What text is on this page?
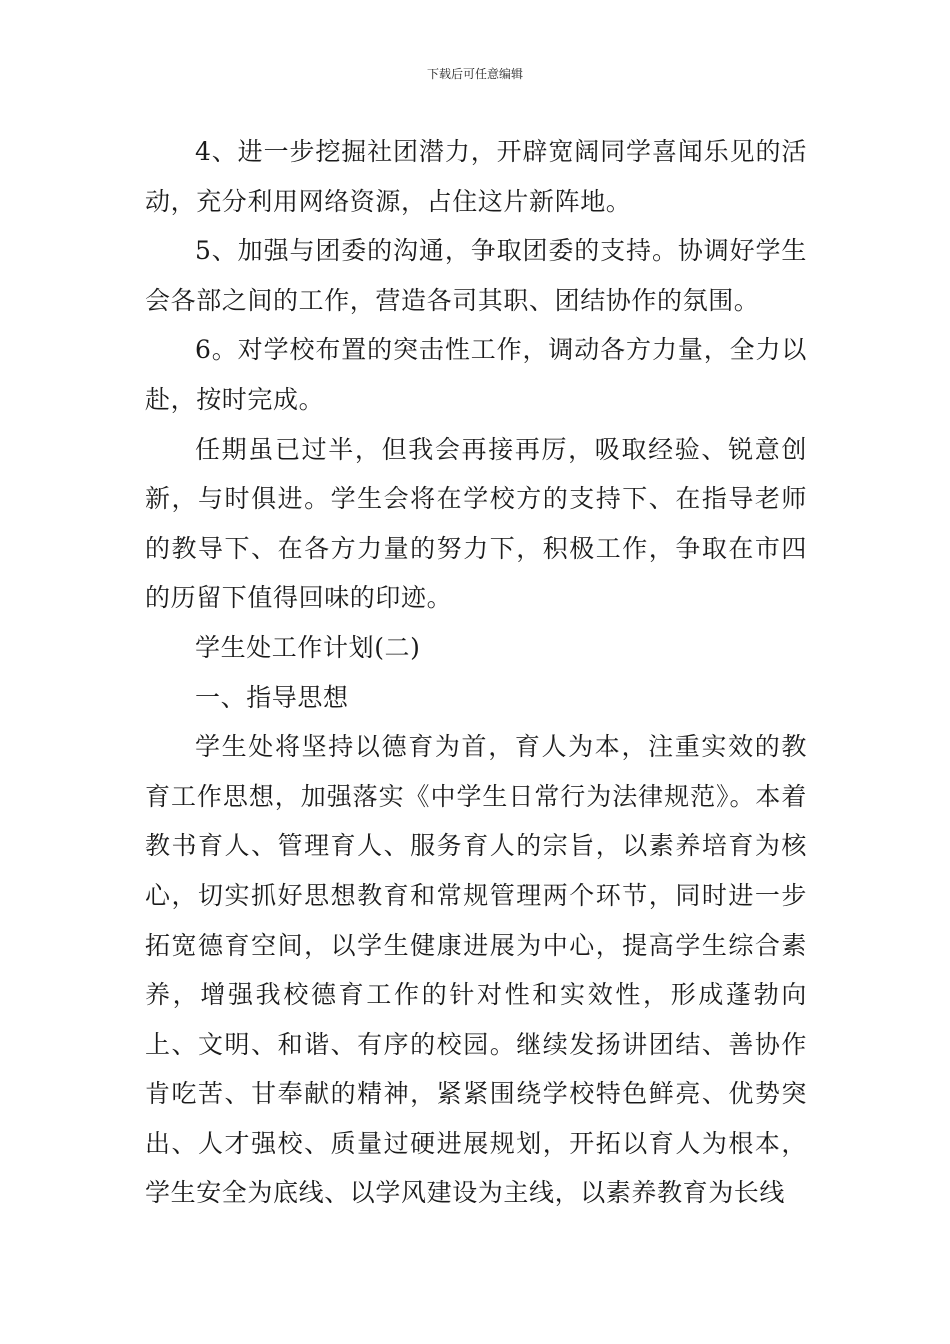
下载后可任意编辑

4、进一步挖掘社团潜力，开辟宽阔同学喜闻乐见的活动，充分利用网络资源，占住这片新阵地。

5、加强与团委的沟通，争取团委的支持。协调好学生会各部之间的工作，营造各司其职、团结协作的氛围。

6。对学校布置的突击性工作，调动各方力量，全力以赴，按时完成。

任期虽已过半，但我会再接再厉，吸取经验、锐意创新，与时俱进。学生会将在学校方的支持下、在指导老师的教导下、在各方力量的努力下，积极工作，争取在市四的历留下值得回味的印迹。

学生处工作计划(二)

一、指导思想

学生处将坚持以德育为首，育人为本，注重实效的教育工作思想，加强落实《中学生日常行为法律规范》。本着教书育人、管理育人、服务育人的宗旨，以素养培育为核心，切实抓好思想教育和常规管理两个环节，同时进一步拓宽德育空间，以学生健康进展为中心，提高学生综合素养，增强我校德育工作的针对性和实效性，形成蓬勃向上、文明、和谐、有序的校园。继续发扬讲团结、善协作肯吃苦、甘奉献的精神，紧紧围绕学校特色鲜亮、优势突出、人才强校、质量过硬进展规划，开拓以育人为根本，学生安全为底线、以学风建设为主线，以素养教育为长线
